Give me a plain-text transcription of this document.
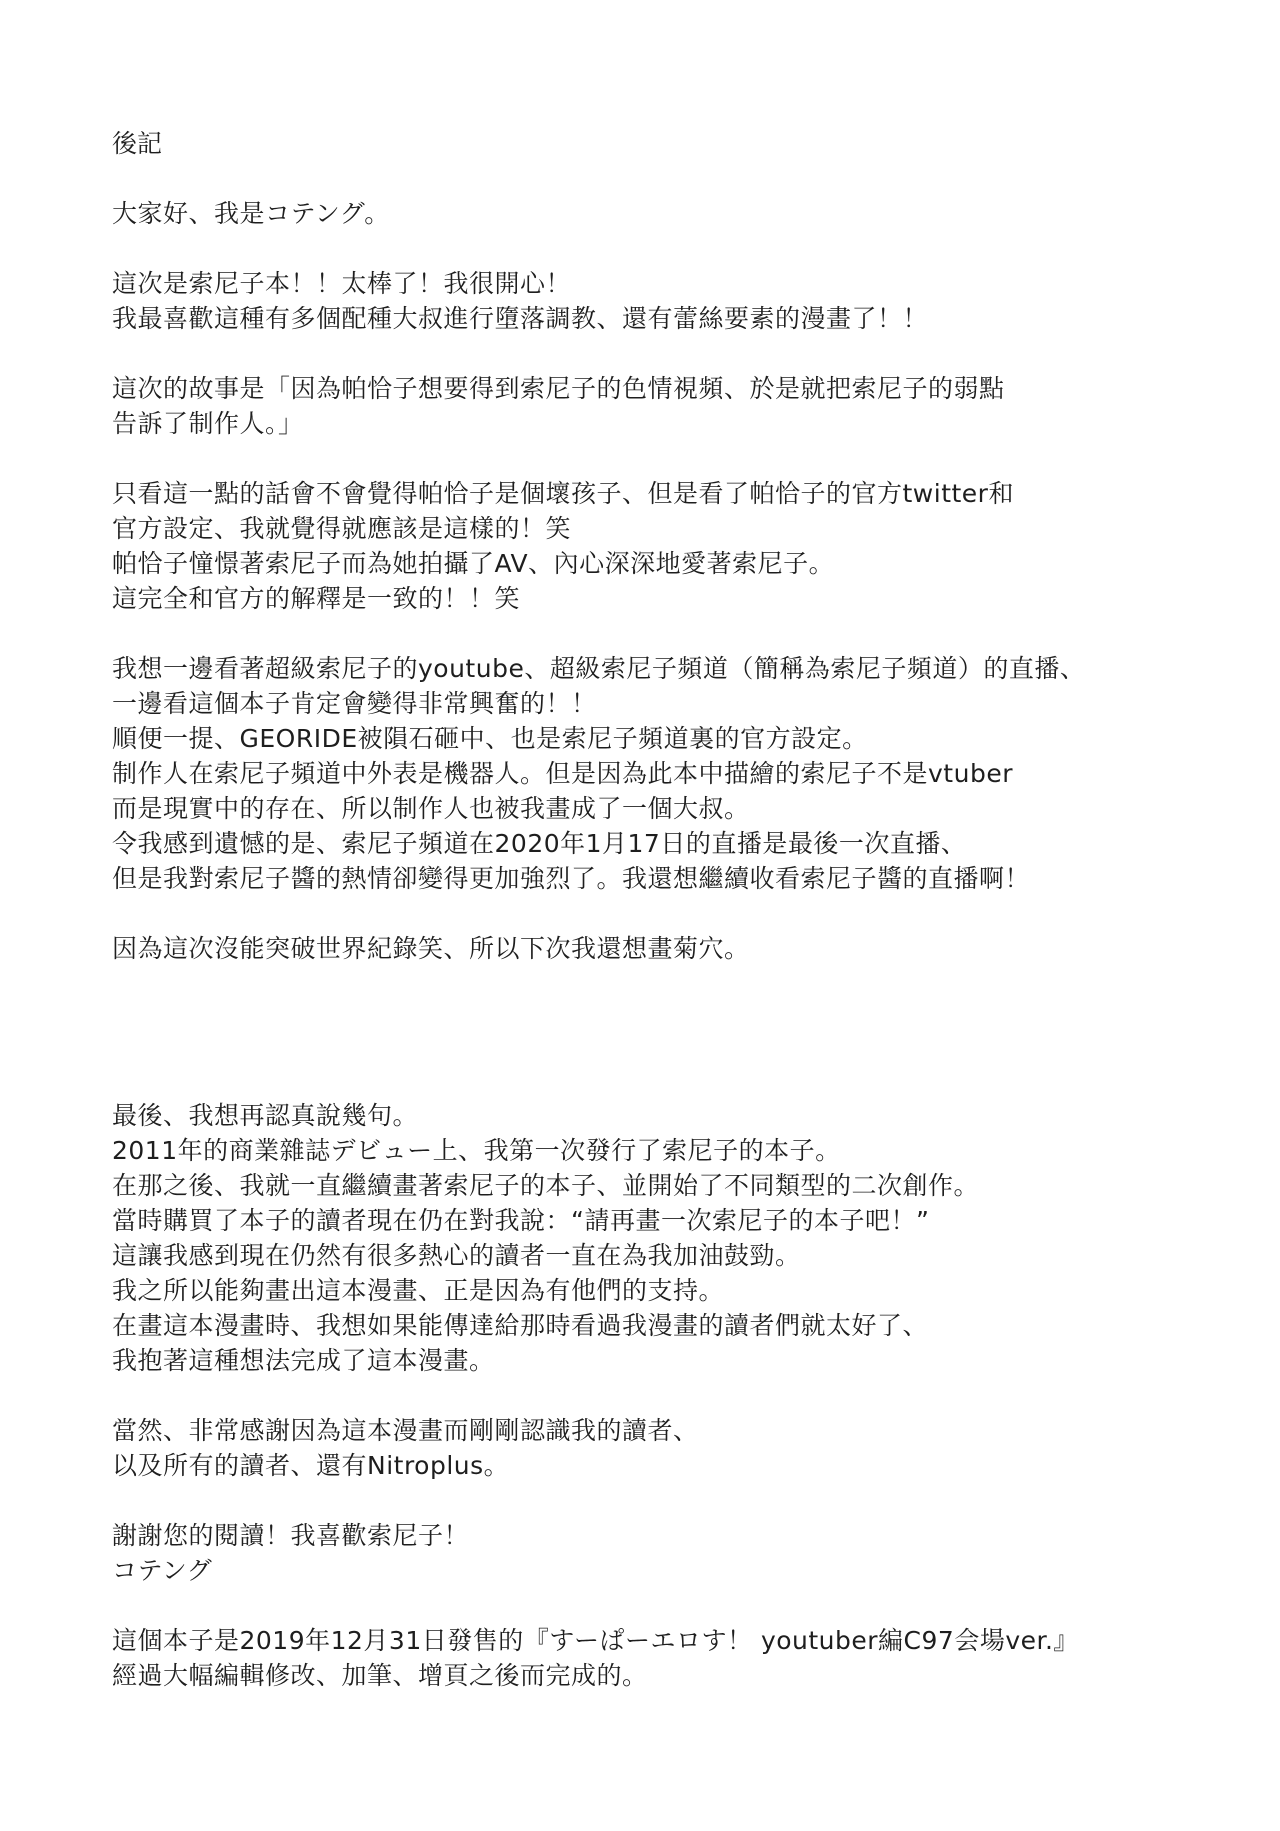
後記
大家好、我是コテング。
這次是索尼子本！！太棒了！我很開心！
我最喜歡這種有多個配種大叔進行墮落調教、還有蕾絲要素的漫畫了！！
這次的故事是「因為帕恰子想要得到索尼子的色情視頻、於是就把索尼子的弱點
告訴了制作人。」
只看這一點的話會不會覺得帕恰子是個壞孩子、但是看了帕恰子的官方twitter和
官方設定、我就覺得就應該是這樣的！笑
帕恰子憧憬著索尼子而為她拍攝了AV、內心深深地愛著索尼子。
這完全和官方的解釋是一致的！！笑
我想一邊看著超級索尼子的youtube、超級索尼子頻道（簡稱為索尼子頻道）的直播、
一邊看這個本子肯定會變得非常興奮的！！
順便一提、GEORIDE被隕石砸中、也是索尼子頻道裏的官方設定。
制作人在索尼子頻道中外表是機器人。但是因為此本中描繪的索尼子不是vtuber
而是現實中的存在、所以制作人也被我畫成了一個大叔。
令我感到遺憾的是、索尼子頻道在2020年1月17日的直播是最後一次直播、
但是我對索尼子醬的熱情卻變得更加強烈了。我還想繼續收看索尼子醬的直播啊！
因為這次沒能突破世界紀錄笑、所以下次我還想畫菊穴。
最後、我想再認真說幾句。
2011年的商業雜誌デビュー上、我第一次發行了索尼子的本子。
在那之後、我就一直繼續畫著索尼子的本子、並開始了不同類型的二次創作。
當時購買了本子的讀者現在仍在對我說：“請再畫一次索尼子的本子吧！”
這讓我感到現在仍然有很多熱心的讀者一直在為我加油鼓勁。
我之所以能夠畫出這本漫畫、正是因為有他們的支持。
在畫這本漫畫時、我想如果能傳達給那時看過我漫畫的讀者們就太好了、
我抱著這種想法完成了這本漫畫。
當然、非常感謝因為這本漫畫而剛剛認識我的讀者、
以及所有的讀者、還有Nitroplus。
謝謝您的閱讀！我喜歡索尼子！
コテング
這個本子是2019年12月31日發售的『すーぱーエロす！ youtuber編C97会場ver.』
經過大幅編輯修改、加筆、增頁之後而完成的。
